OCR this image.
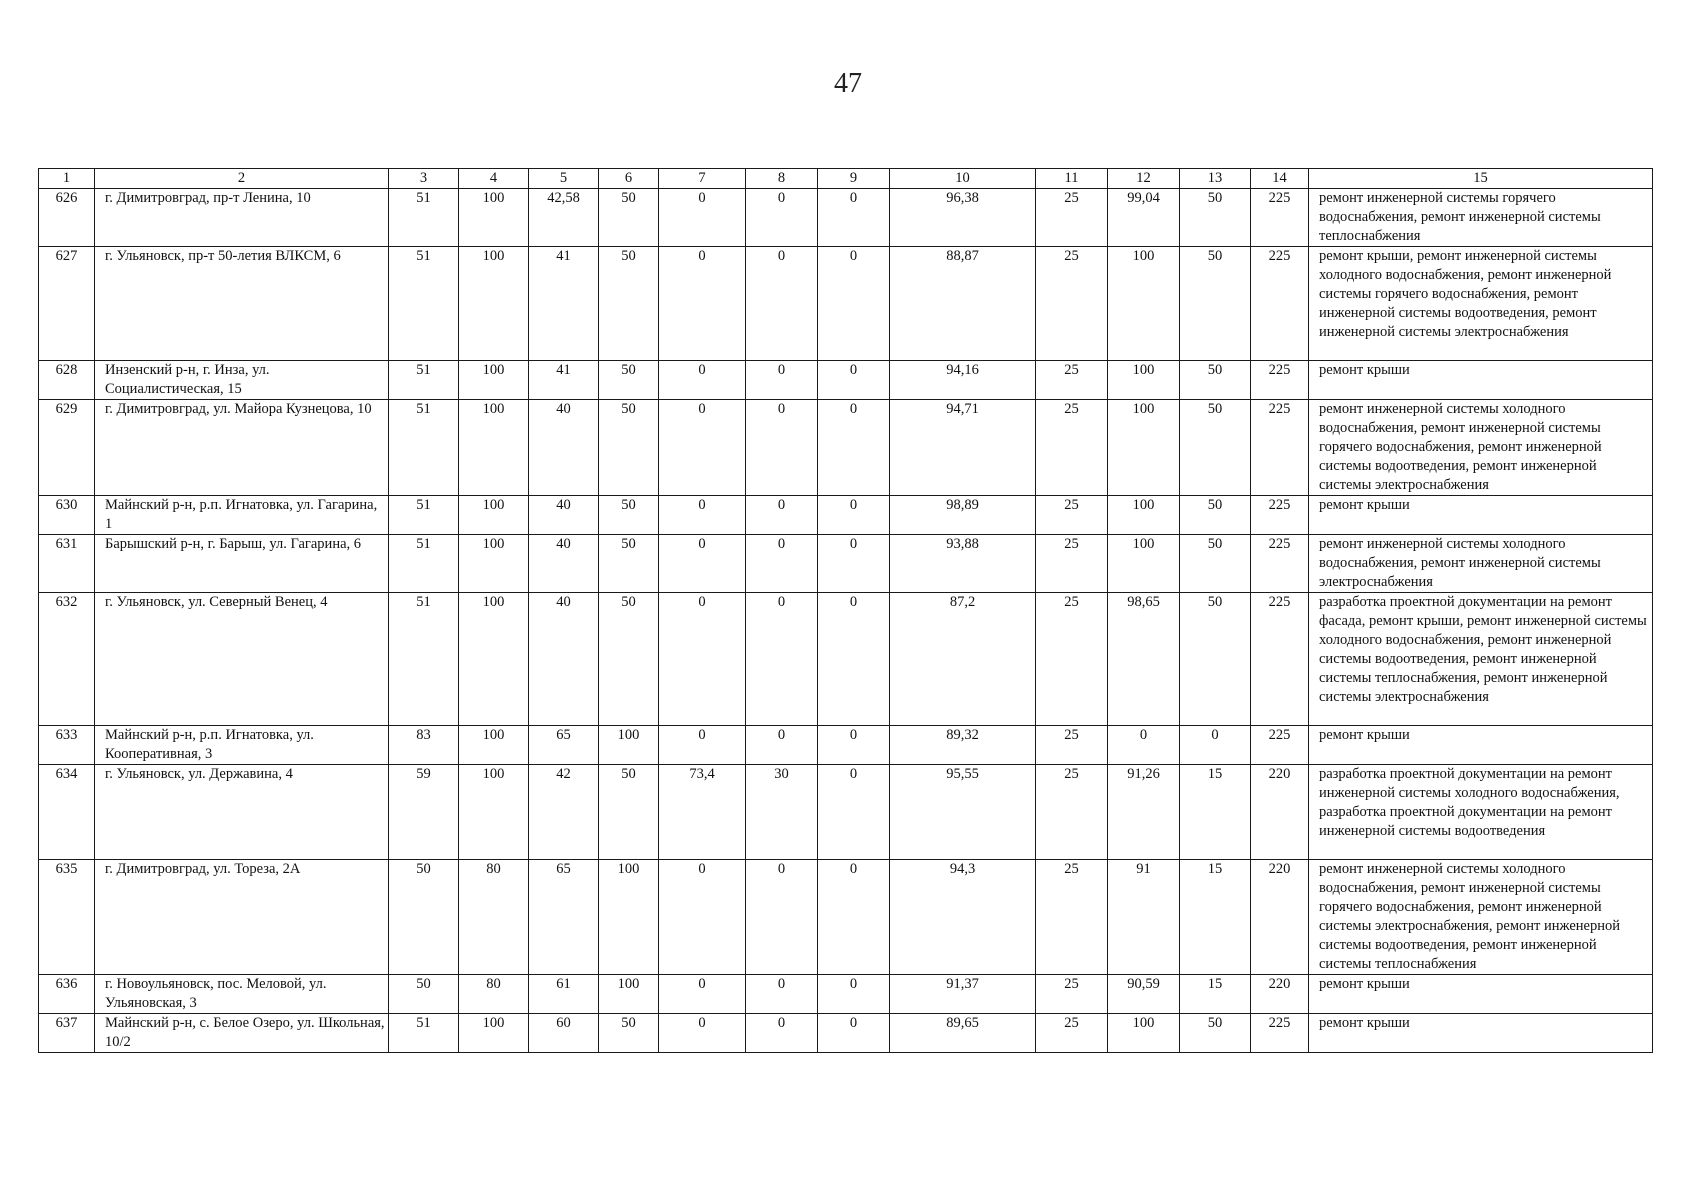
47
1	2	3	4	5	6	7	8	9	10	11	12	13	14	15
626	г. Димитровград, пр-т Ленина, 10	51	100	42,58	50	0	0	0	96,38	25	99,04	50	225	ремонт инженерной системы горячего водоснабжения, ремонт инженерной системы теплоснабжения
627	г. Ульяновск, пр-т 50-летия ВЛКСМ, 6	51	100	41	50	0	0	0	88,87	25	100	50	225	ремонт крыши, ремонт инженерной системы холодного водоснабжения, ремонт инженерной системы горячего водоснабжения, ремонт инженерной системы водоотведения, ремонт инженерной системы электроснабжения
628	Инзенский р-н, г. Инза, ул. Социалистическая, 15	51	100	41	50	0	0	0	94,16	25	100	50	225	ремонт крыши
629	г. Димитровград, ул. Майора Кузнецова, 10	51	100	40	50	0	0	0	94,71	25	100	50	225	ремонт инженерной системы холодного водоснабжения, ремонт инженерной системы горячего водоснабжения, ремонт инженерной системы водоотведения, ремонт инженерной системы электроснабжения
630	Майнский р-н, р.п. Игнатовка, ул. Гагарина, 1	51	100	40	50	0	0	0	98,89	25	100	50	225	ремонт крыши
631	Барышский р-н, г. Барыш, ул. Гагарина, 6	51	100	40	50	0	0	0	93,88	25	100	50	225	ремонт инженерной системы холодного водоснабжения, ремонт инженерной системы электроснабжения
632	г. Ульяновск, ул. Северный Венец, 4	51	100	40	50	0	0	0	87,2	25	98,65	50	225	разработка проектной документации на ремонт фасада, ремонт крыши, ремонт инженерной системы холодного водоснабжения, ремонт инженерной системы водоотведения, ремонт инженерной системы теплоснабжения, ремонт инженерной системы электроснабжения
633	Майнский р-н, р.п. Игнатовка, ул. Кооперативная, 3	83	100	65	100	0	0	0	89,32	25	0	0	225	ремонт крыши
634	г. Ульяновск, ул. Державина, 4	59	100	42	50	73,4	30	0	95,55	25	91,26	15	220	разработка проектной документации на ремонт инженерной системы холодного водоснабжения, разработка проектной документации на ремонт инженерной системы водоотведения
635	г. Димитровград, ул. Тореза, 2А	50	80	65	100	0	0	0	94,3	25	91	15	220	ремонт инженерной системы холодного водоснабжения, ремонт инженерной системы горячего водоснабжения, ремонт инженерной системы электроснабжения, ремонт инженерной системы водоотведения, ремонт инженерной системы теплоснабжения
636	г. Новоульяновск, пос. Меловой, ул. Ульяновская, 3	50	80	61	100	0	0	0	91,37	25	90,59	15	220	ремонт крыши
637	Майнский р-н, с. Белое Озеро, ул. Школьная, 10/2	51	100	60	50	0	0	0	89,65	25	100	50	225	ремонт крыши
